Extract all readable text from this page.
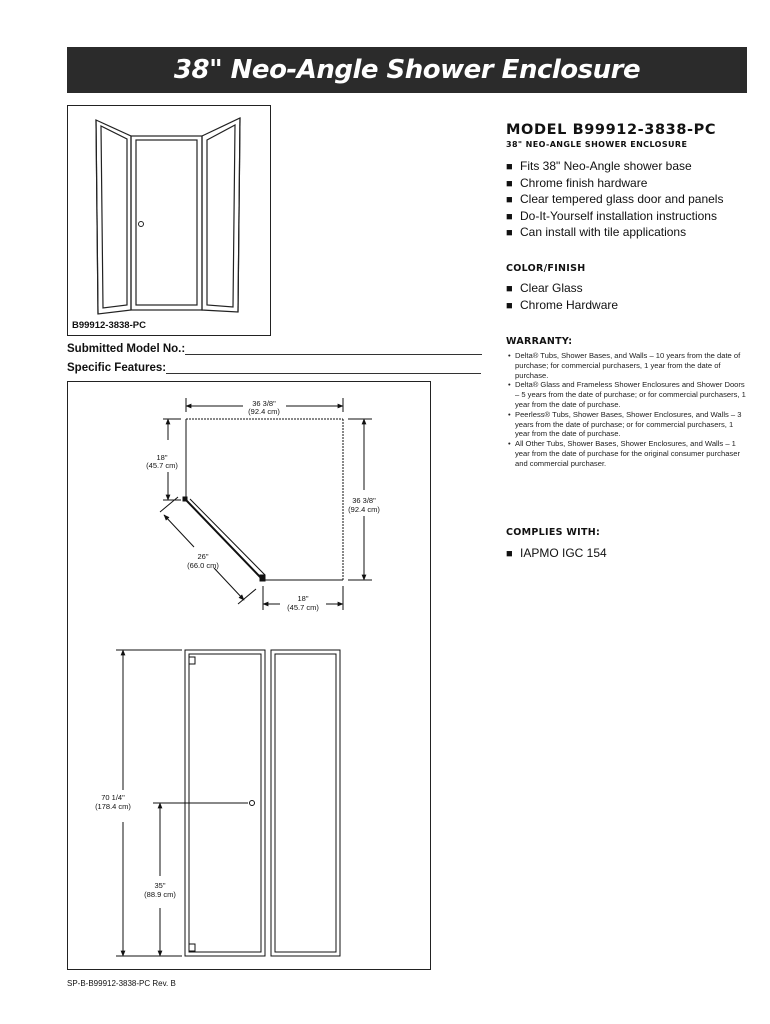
38" Neo-Angle Shower Enclosure
B99912-3838-PC
Submitted Model No.:
Specific Features:
36 3/8"
(92.4 cm)
18"
(45.7 cm)
36 3/8"
(92.4 cm)
26"
(66.0 cm)
18"
(45.7 cm)
70 1/4"
(178.4 cm)
35"
(88.9 cm)
MODEL B99912-3838-PC
38" NEO-ANGLE SHOWER ENCLOSURE
■ Fits 38" Neo-Angle shower base
■ Chrome finish hardware
■ Clear tempered glass door and panels
■ Do-It-Yourself installation instructions
■ Can install with tile applications
COLOR/FINISH
■ Clear Glass
■ Chrome Hardware
WARRANTY:
• Delta® Tubs, Shower Bases, and Walls – 10 years from the date of purchase; for commercial purchasers, 1 year from the date of purchase.
• Delta® Glass and Frameless Shower Enclosures and Shower Doors – 5 years from the date of purchase; or for commercial purchasers, 1 year from the date of purchase.
• Peerless® Tubs, Shower Bases, Shower Enclosures, and Walls – 3 years from the date of purchase; or for commercial purchasers, 1 year from the date of purchase.
• All Other Tubs, Shower Bases, Shower Enclosures, and Walls – 1 year from the date of purchase for the original consumer purchaser and commercial purchaser.
COMPLIES WITH:
■ IAPMO IGC 154
SP-B-B99912-3838-PC Rev. B
